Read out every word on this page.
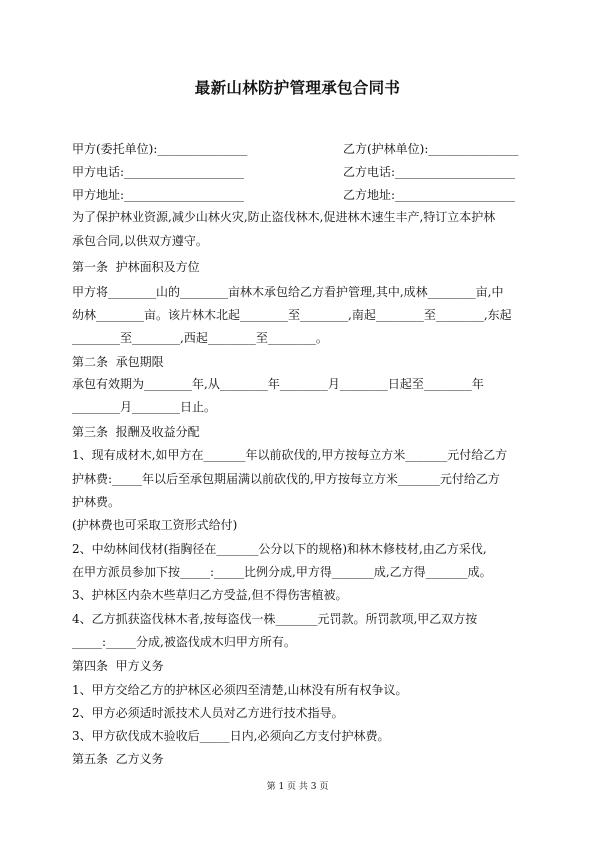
最新山林防护管理承包合同书
甲方(委托单位):_______________	乙方(护林单位):_______________
甲方电话:____________________	乙方电话:____________________
甲方地址:____________________	乙方地址:____________________
为了保护林业资源,减少山林火灾,防止盗伐林木,促进林木速生丰产,特订立本护林
承包合同,以供双方遵守。
第一条  护林面积及方位
甲方将________山的________亩林木承包给乙方看护管理,其中,成林________亩,中
幼林________亩。该片林木北起________至________,南起________至________,东起
________至________,西起________至________。
第二条  承包期限
承包有效期为________年,从________年________月________日起至________年
________月________日止。
第三条  报酬及收益分配
1、现有成材木,如甲方在_______年以前砍伐的,甲方按每立方米_______元付给乙方
护林费:_____年以后至承包期届满以前砍伐的,甲方按每立方米_______元付给乙方
护林费。
(护林费也可采取工资形式给付)
2、中幼林间伐材(指胸径在_______公分以下的规格)和林木修枝材,由乙方采伐,
在甲方派员参加下按_____:_____比例分成,甲方得_______成,乙方得_______成。
3、护林区内杂木些草归乙方受益,但不得伤害植被。
4、乙方抓获盗伐林木者,按每盗伐一株_______元罚款。所罚款项,甲乙双方按
_____:_____分成,被盗伐成木归甲方所有。
第四条  甲方义务
1、甲方交给乙方的护林区必须四至清楚,山林没有所有权争议。
2、甲方必须适时派技术人员对乙方进行技术指导。
3、甲方砍伐成木验收后_____日内,必须向乙方支付护林费。
第五条  乙方义务
第 1 页 共 3 页
